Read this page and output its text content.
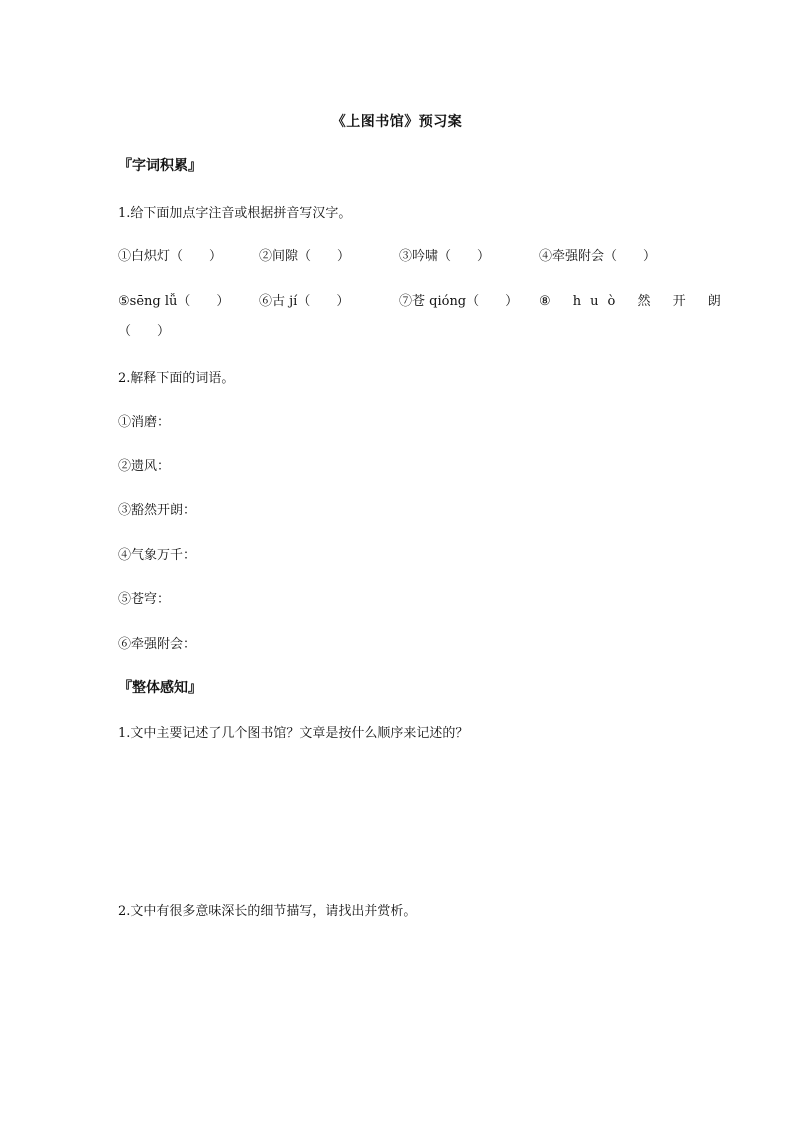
《上图书馆》预习案
『字词积累』
1.给下面加点字注音或根据拼音写汉字。
①白炽灯（　　）	②间隙（　　）	③吟啸（　　）	④牵强附会（　　）
⑤sēng lǚ（　　） ⑥古 jí（　　）	⑦苍 qióng（　　） ⑧ huò 然 开 朗
（　　）
2.解释下面的词语。
①消磨：
②遗风：
③豁然开朗：
④气象万千：
⑤苍穹：
⑥牵强附会：
『整体感知』
1.文中主要记述了几个图书馆？文章是按什么顺序来记述的？
2.文中有很多意味深长的细节描写，请找出并赏析。
